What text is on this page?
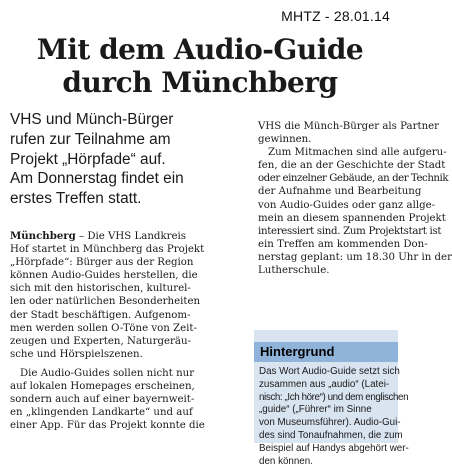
MHTZ - 28.01.14
Mit dem Audio-Guide
durch Münchberg
VHS und Münch-Bürger
rufen zur Teilnahme am
Projekt „Hörpfade“ auf.
Am Donnerstag findet ein
erstes Treffen statt.
Münchberg – Die VHS Landkreis
Hof startet in Münchberg das Projekt
„Hörpfade“: Bürger aus der Region
können Audio-Guides herstellen, die
sich mit den historischen, kulturel-
len oder natürlichen Besonderheiten
der Stadt beschäftigen. Aufgenom-
men werden sollen O-Töne von Zeit-
zeugen und Experten, Naturgeräu-
sche und Hörspielszenen.
Die Audio-Guides sollen nicht nur
auf lokalen Homepages erscheinen,
sondern auch auf einer bayernweit-
en „klingenden Landkarte“ und auf
einer App. Für das Projekt konnte die
VHS die Münch-Bürger als Partner
gewinnen.
Zum Mitmachen sind alle aufgeru-
fen, die an der Geschichte der Stadt
oder einzelner Gebäude, an der Technik
der Aufnahme und Bearbeitung
von Audio-Guides oder ganz allge-
mein an diesem spannenden Projekt
interessiert sind. Zum Projektstart ist
ein Treffen am kommenden Don-
nerstag geplant: um 18.30 Uhr in der
Lutherschule.
Hintergrund
Das Wort Audio-Guide setzt sich
zusammen aus „audio“ (Latei-
nisch: „Ich höre“) und dem englischen
„guide“ („Führer“ im Sinne
von Museumsführer). Audio-Gui-
des sind Tonaufnahmen, die zum
Beispiel auf Handys abgehört wer-
den können.
